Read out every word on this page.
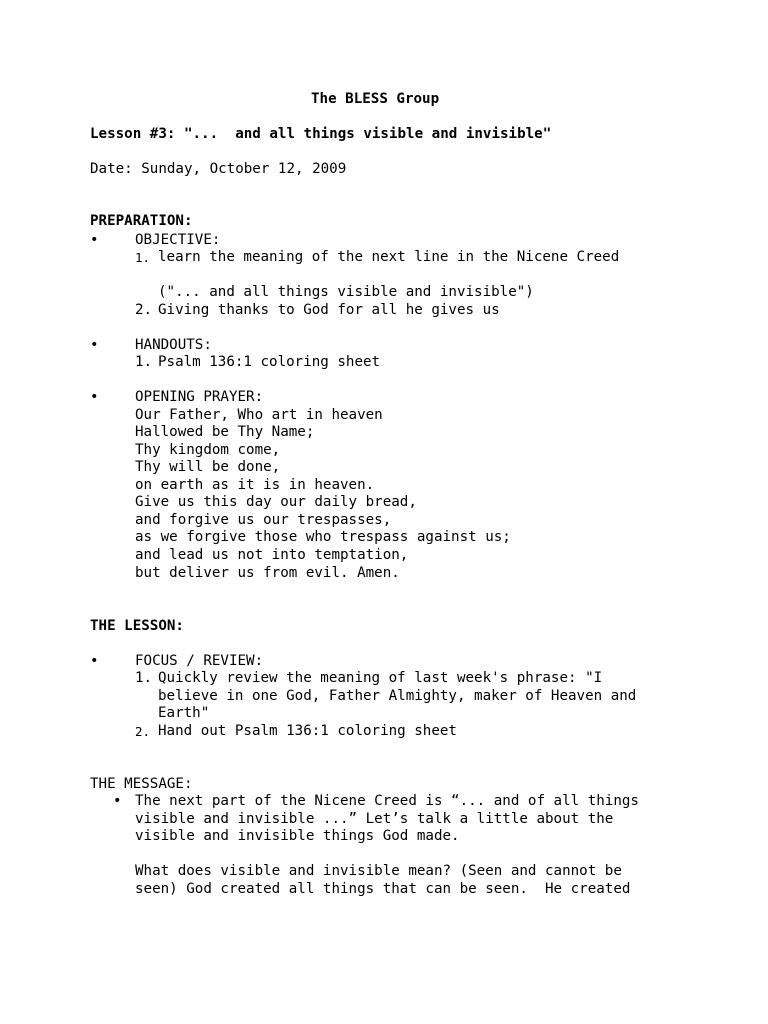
The BLESS Group
Lesson #3: "...  and all things visible and invisible"
Date: Sunday, October 12, 2009
PREPARATION:
•	OBJECTIVE:
1. learn the meaning of the next line in the Nicene Creed
("... and all things visible and invisible")
2. Giving thanks to God for all he gives us
•	HANDOUTS:
1. Psalm 136:1 coloring sheet
•	OPENING PRAYER:
Our Father, Who art in heaven
Hallowed be Thy Name;
Thy kingdom come,
Thy will be done,
on earth as it is in heaven.
Give us this day our daily bread,
and forgive us our trespasses,
as we forgive those who trespass against us;
and lead us not into temptation,
but deliver us from evil. Amen.
THE LESSON:
•	FOCUS / REVIEW:
1. Quickly review the meaning of last week's phrase: "I
believe in one God, Father Almighty, maker of Heaven and
Earth"
2. Hand out Psalm 136:1 coloring sheet
THE MESSAGE:
• The next part of the Nicene Creed is “... and of all things
visible and invisible ...” Let’s talk a little about the
visible and invisible things God made.
What does visible and invisible mean? (Seen and cannot be
seen) God created all things that can be seen.  He created
